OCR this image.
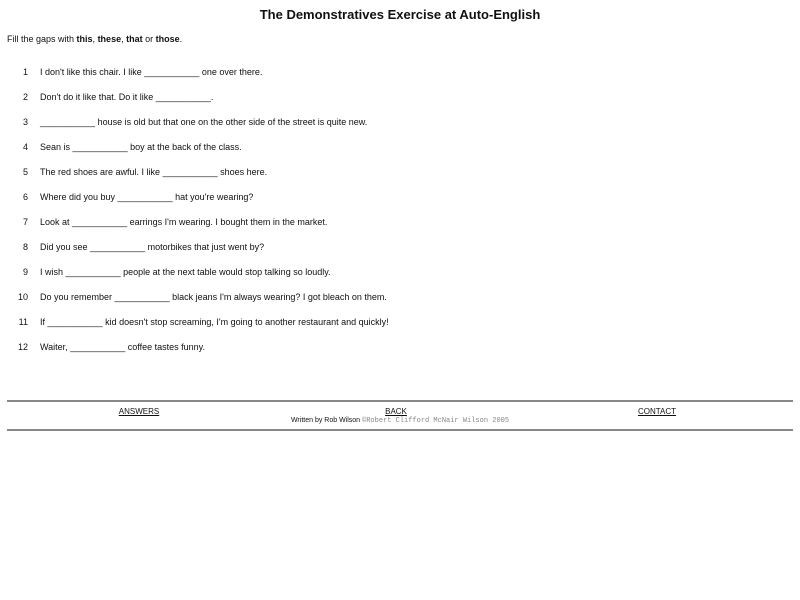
The Demonstratives Exercise at Auto-English
Fill the gaps with this, these, that or those.
1 I don't like this chair. I like ___________ one over there.
2 Don't do it like that. Do it like ___________.
3 ___________ house is old but that one on the other side of the street is quite new.
4 Sean is ___________ boy at the back of the class.
5 The red shoes are awful. I like ___________ shoes here.
6 Where did you buy ___________ hat you're wearing?
7 Look at ___________ earrings I'm wearing. I bought them in the market.
8 Did you see ___________ motorbikes that just went by?
9 I wish ___________ people at the next table would stop talking so loudly.
10 Do you remember ___________ black jeans I'm always wearing? I got bleach on them.
11 If ___________ kid doesn't stop screaming, I'm going to another restaurant and quickly!
12 Waiter, ___________ coffee tastes funny.
ANSWERS	BACK	CONTACT
Written by Rob Wilson ©Robert Clifford McNair Wilson 2005
